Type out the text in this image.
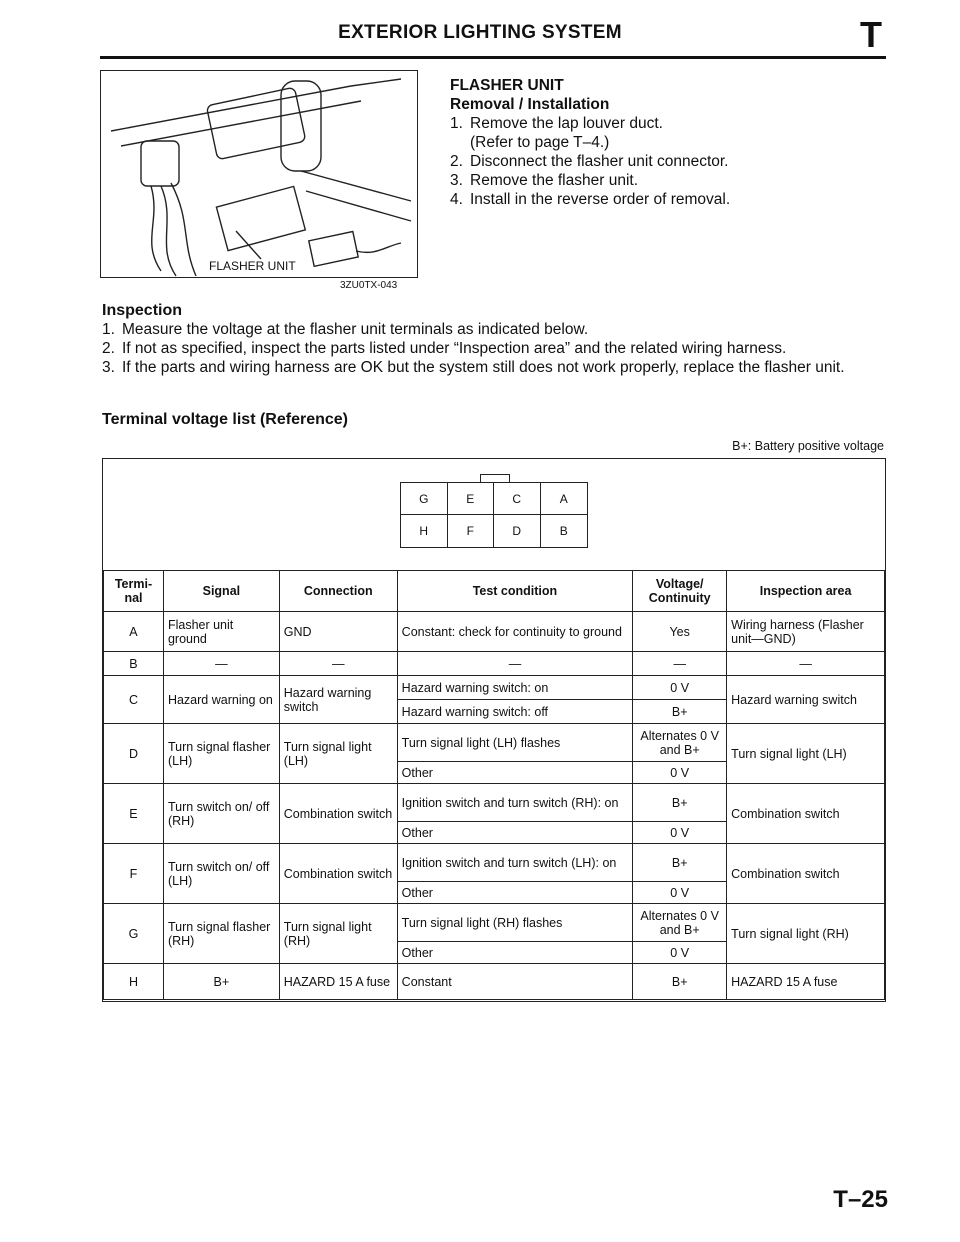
EXTERIOR LIGHTING SYSTEM	T
FLASHER UNIT
3ZU0TX-043
FLASHER UNIT
Removal / Installation
1. Remove the lap louver duct.
(Refer to page T–4.)
2. Disconnect the flasher unit connector.
3. Remove the flasher unit.
4. Install in the reverse order of removal.
Inspection
1. Measure the voltage at the flasher unit terminals as indicated below.
2. If not as specified, inspect the parts listed under “Inspection area” and the related wiring harness.
3. If the parts and wiring harness are OK but the system still does not work properly, replace the flasher unit.
Terminal voltage list (Reference)
B+: Battery positive voltage
G	E	C	A
H	F	D	B
Termi- nal	Signal	Connection	Test condition	Voltage/ Continuity	Inspection area
A	Flasher unit ground	GND	Constant: check for continuity to ground	Yes	Wiring harness (Flasher unit—GND)
B	—	—	—	—	—
C	Hazard warning on	Hazard warning switch	Hazard warning switch: on	0 V	Hazard warning switch
			Hazard warning switch: off	B+	
D	Turn signal flasher (LH)	Turn signal light (LH)	Turn signal light (LH) flashes	Alternates 0 V and B+	Turn signal light (LH)
			Other	0 V	
E	Turn switch on/ off (RH)	Combination switch	Ignition switch and turn switch (RH): on	B+	Combination switch
			Other	0 V	
F	Turn switch on/ off (LH)	Combination switch	Ignition switch and turn switch (LH): on	B+	Combination switch
			Other	0 V	
G	Turn signal flasher (RH)	Turn signal light (RH)	Turn signal light (RH) flashes	Alternates 0 V and B+	Turn signal light (RH)
			Other	0 V	
H	B+	HAZARD 15 A fuse	Constant	B+	HAZARD 15 A fuse
T–25
